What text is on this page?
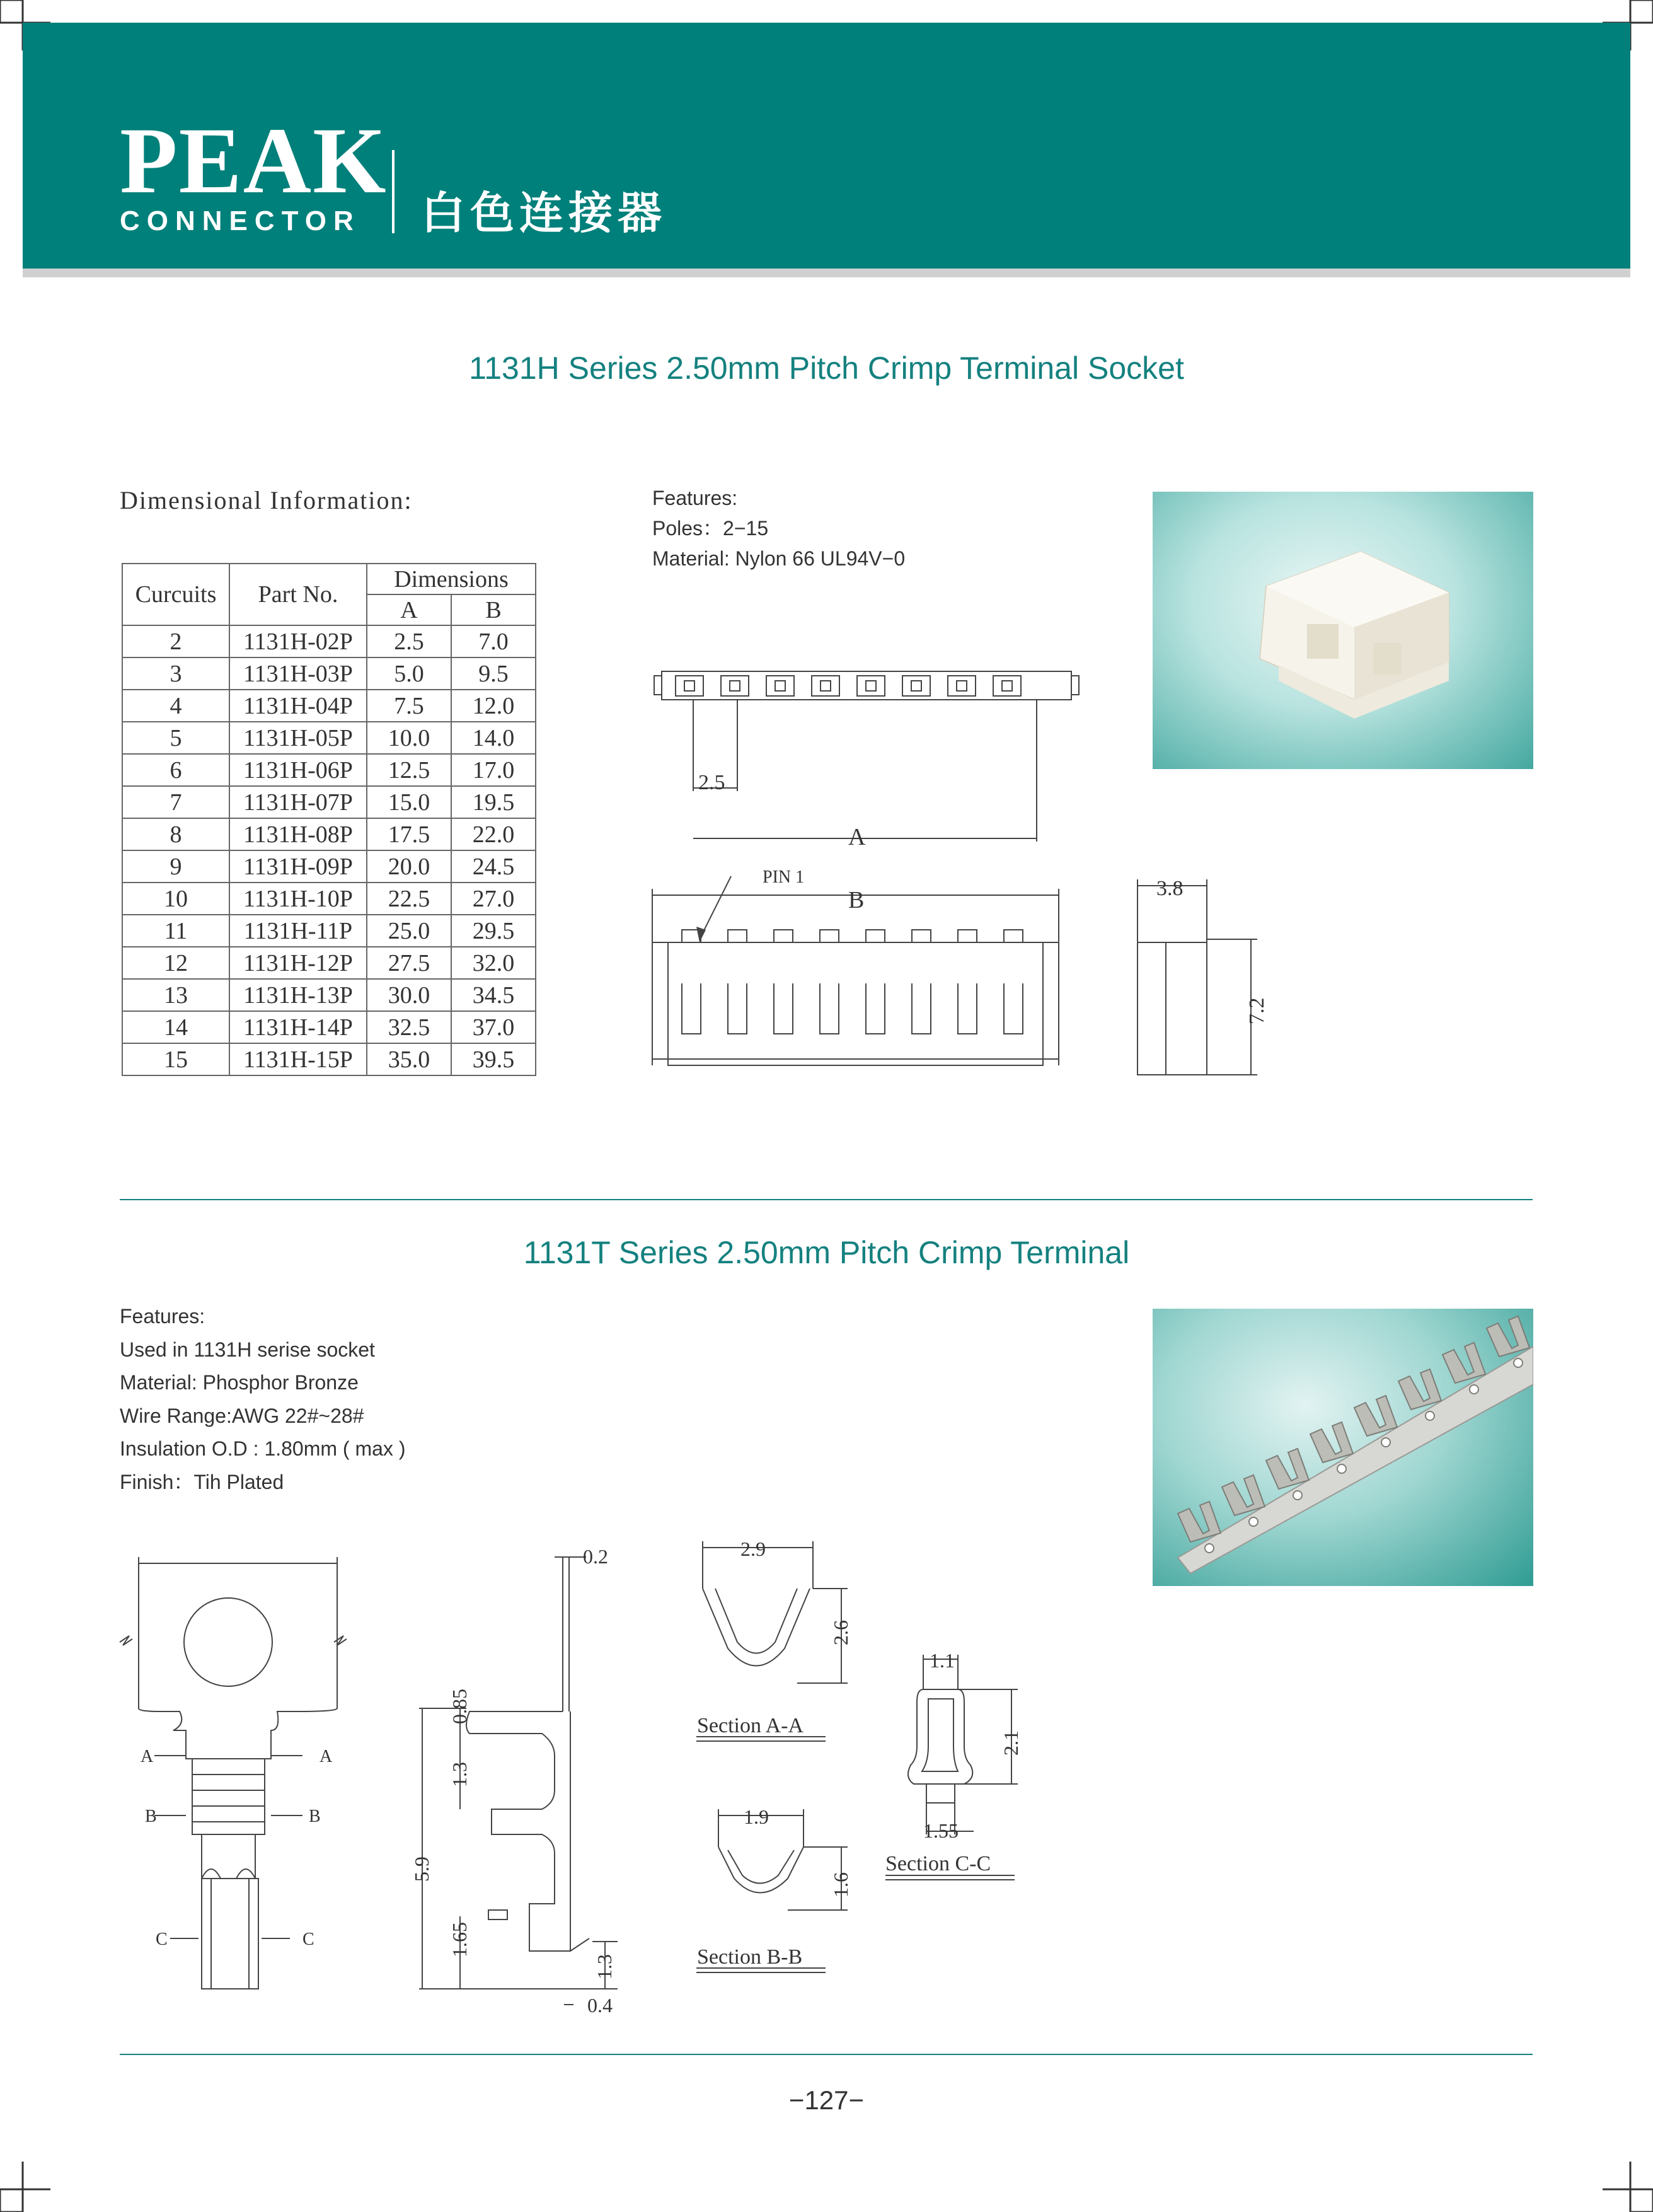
PEAK
CONNECTOR	白色连接器
1131H Series 2.50mm Pitch Crimp Terminal Socket
Dimensional Information:	Features:
Poles：2−15
Material: Nylon 66 UL94V−0
Curcuits	Part No.	Dimensions	
		A	B
2	1131H-02P	2.5	7.0
3	1131H-03P	5.0	9.5
4	1131H-04P	7.5	12.0
5	1131H-05P	10.0	14.0
6	1131H-06P	12.5	17.0
7	1131H-07P	15.0	19.5
8	1131H-08P	17.5	22.0
9	1131H-09P	20.0	24.5
10	1131H-10P	22.5	27.0
11	1131H-11P	25.0	29.5
12	1131H-12P	27.5	32.0
13	1131H-13P	30.0	34.5
14	1131H-14P	32.5	37.0
15	1131H-15P	35.0	39.5
2.5
A
PIN 1
B	3.8
7.2
1131T Series 2.50mm Pitch Crimp Terminal
Features:
Used in 1131H serise socket
Material: Phosphor Bronze
Wire Range:AWG 22#~28#
Insulation O.D : 1.80mm ( max )
Finish：Tih Plated
A	A
B	B
C	C
0.2
0.85
1.3
5.9
1.65
1.3
0.4
2.9
2.6
Section A-A
1.9
1.6
Section B-B
1.1
2.1
1.55
Section C-C
−127−
